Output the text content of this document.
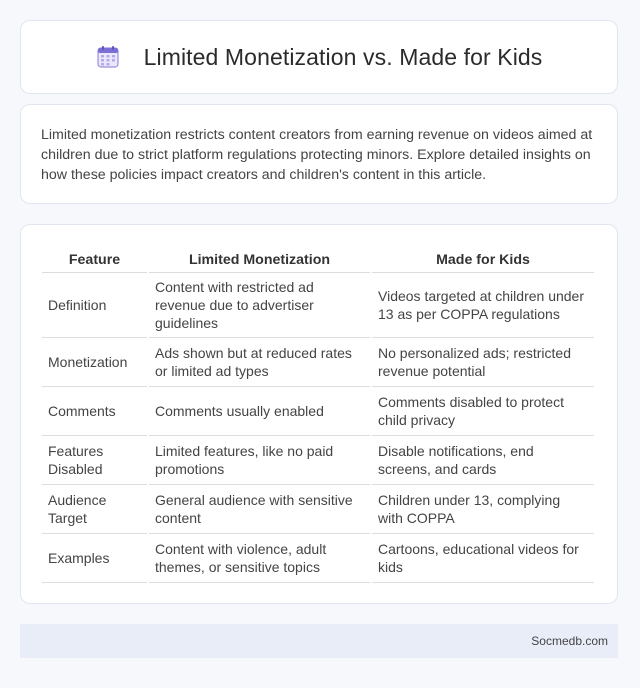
Limited Monetization vs. Made for Kids

Limited monetization restricts content creators from earning revenue on videos aimed at children due to strict platform regulations protecting minors. Explore detailed insights on how these policies impact creators and children's content in this article.

Feature	Limited Monetization	Made for Kids
Definition	Content with restricted ad revenue due to advertiser guidelines	Videos targeted at children under 13 as per COPPA regulations
Monetization	Ads shown but at reduced rates or limited ad types	No personalized ads; restricted revenue potential
Comments	Comments usually enabled	Comments disabled to protect child privacy
Features Disabled	Limited features, like no paid promotions	Disable notifications, end screens, and cards
Audience Target	General audience with sensitive content	Children under 13, complying with COPPA
Examples	Content with violence, adult themes, or sensitive topics	Cartoons, educational videos for kids
Socmedb.com
